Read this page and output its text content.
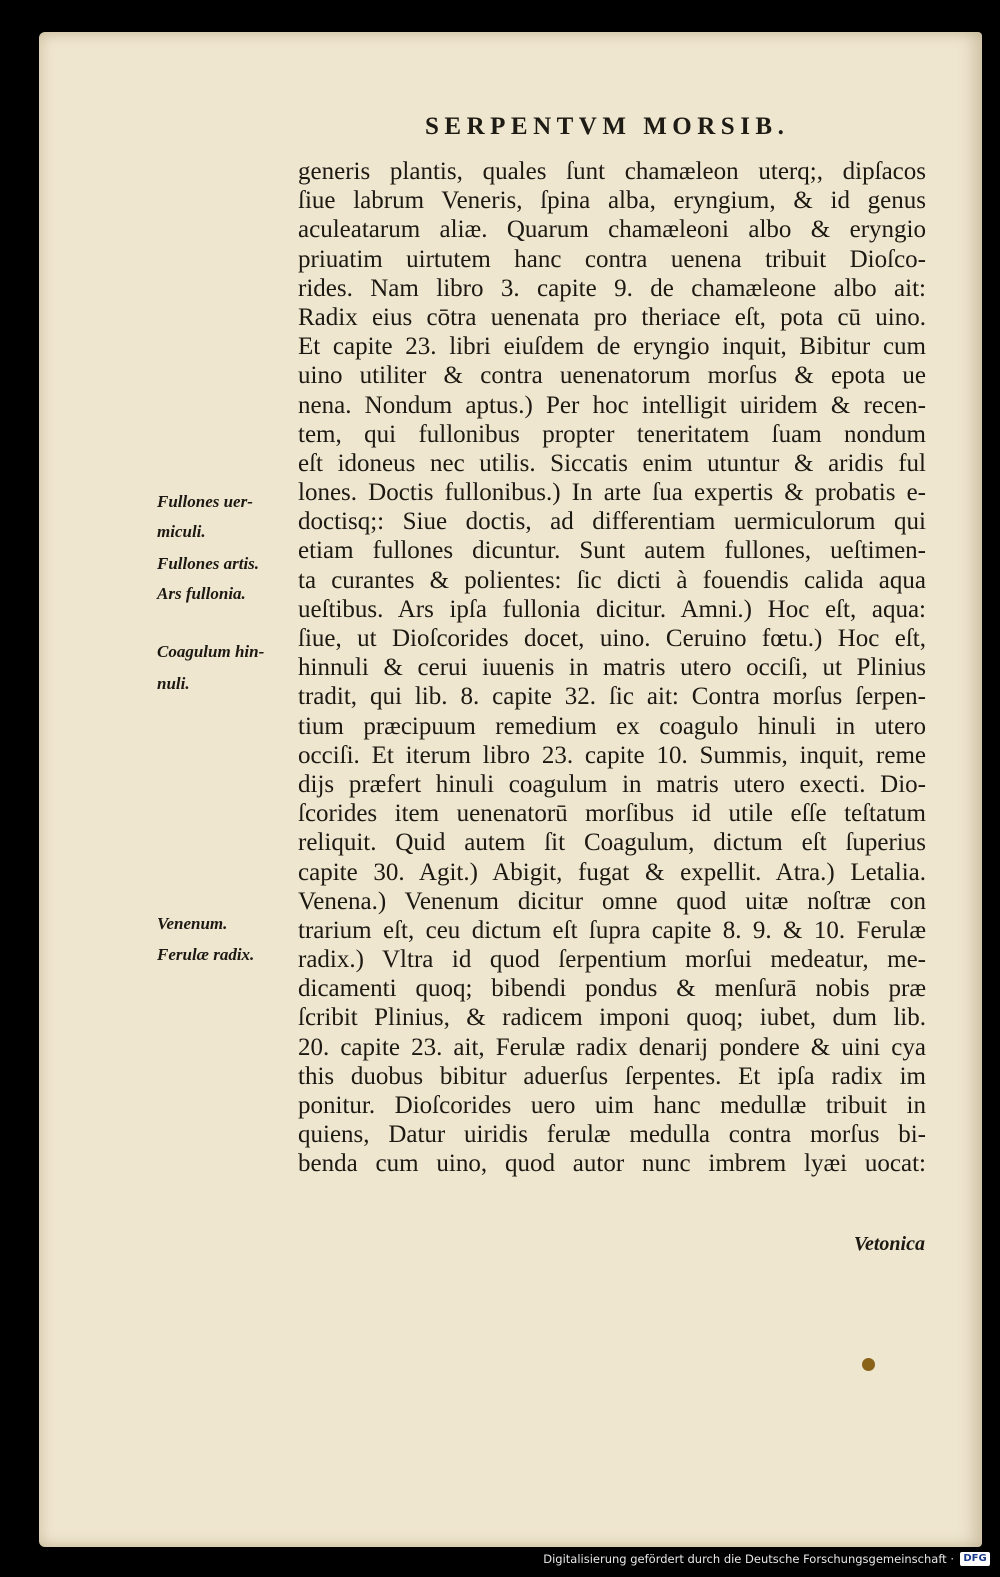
SERPENTVM MORSIB.
Fullones uer-
miculi.
Fullones artis.
Ars fullonia.
Coagulum hin-
nuli.
Venenum.
Ferulæ radix.
generis plantis, quales ſunt chamæleon uterq;, dipſacos
ſiue labrum Veneris, ſpina alba, eryngium, & id genus
aculeatarum aliæ. Quarum chamæleoni albo & eryngio
priuatim uirtutem hanc contra uenena tribuit Dioſco-
rides. Nam libro 3. capite 9. de chamæleone albo ait:
Radix eius cōtra uenenata pro theriace eſt, pota cū uino.
Et capite 23. libri eiuſdem de eryngio inquit, Bibitur cum
uino utiliter & contra uenenatorum morſus & epota ue
nena. Nondum aptus.) Per hoc intelligit uiridem & recen-
tem, qui fullonibus propter teneritatem ſuam nondum
eſt idoneus nec utilis. Siccatis enim utuntur & aridis ful
lones. Doctis fullonibus.) In arte ſua expertis & probatis e-
doctisq;: Siue doctis, ad differentiam uermiculorum qui
etiam fullones dicuntur. Sunt autem fullones, ueſtimen-
ta curantes & polientes: ſic dicti à fouendis calida aqua
ueſtibus. Ars ipſa fullonia dicitur. Amni.) Hoc eſt, aqua:
ſiue, ut Dioſcorides docet, uino. Ceruino fœtu.) Hoc eſt,
hinnuli & cerui iuuenis in matris utero occiſi, ut Plinius
tradit, qui lib. 8. capite 32. ſic ait: Contra morſus ſerpen-
tium præcipuum remedium ex coagulo hinuli in utero
occiſi. Et iterum libro 23. capite 10. Summis, inquit, reme
dijs præfert hinuli coagulum in matris utero execti. Dio-
ſcorides item uenenatorū morſibus id utile eſſe teſtatum
reliquit. Quid autem ſit Coagulum, dictum eſt ſuperius
capite 30. Agit.) Abigit, fugat & expellit. Atra.) Letalia.
Venena.) Venenum dicitur omne quod uitæ noſtræ con
trarium eſt, ceu dictum eſt ſupra capite 8. 9. & 10. Ferulæ
radix.) Vltra id quod ſerpentium morſui medeatur, me-
dicamenti quoq; bibendi pondus & menſurā nobis præ
ſcribit Plinius, & radicem imponi quoq; iubet, dum lib.
20. capite 23. ait, Ferulæ radix denarij pondere & uini cya
this duobus bibitur aduerſus ſerpentes. Et ipſa radix im
ponitur. Dioſcorides uero uim hanc medullæ tribuit in
quiens, Datur uiridis ferulæ medulla contra morſus bi-
benda cum uino, quod autor nunc imbrem lyæi uocat:

Vetonica

Digitalisierung gefördert durch die Deutsche Forschungsgemeinschaft · DFG
